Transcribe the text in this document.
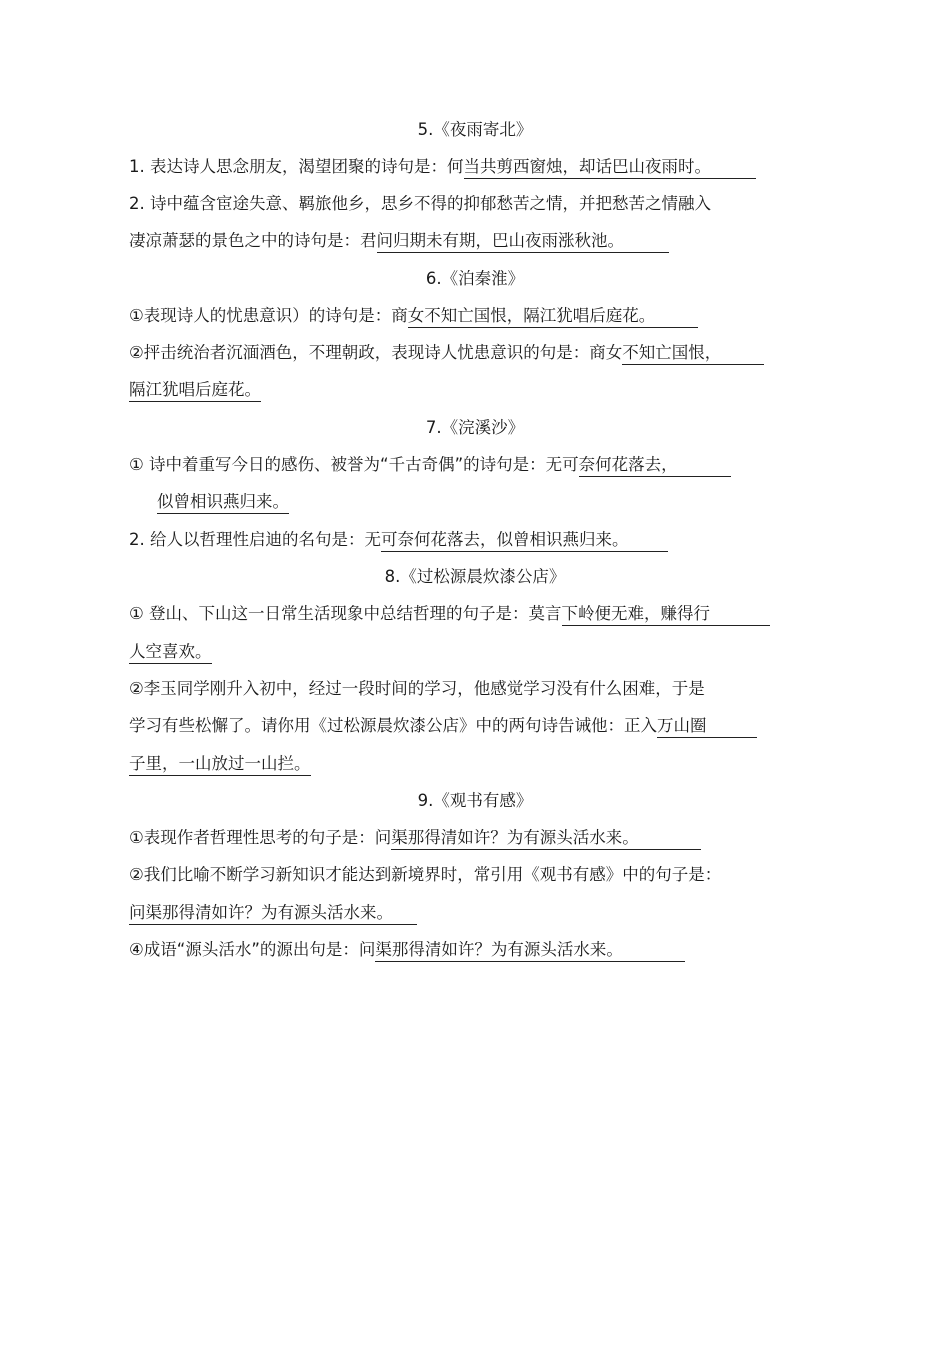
5.《夜雨寄北》
1. 表达诗人思念朋友，渴望团聚的诗句是：何当共剪西窗烛，却话巴山夜雨时。
2. 诗中蕴含宦途失意、羁旅他乡，思乡不得的抑郁愁苦之情，并把愁苦之情融入
凄凉萧瑟的景色之中的诗句是：君问归期未有期，巴山夜雨涨秋池。
6.《泊秦淮》
①表现诗人的忧患意识）的诗句是：商女不知亡国恨，隔江犹唱后庭花。
②抨击统治者沉湎酒色，不理朝政，表现诗人忧患意识的句是：商女不知亡国恨，
隔江犹唱后庭花。
7.《浣溪沙》
① 诗中着重写今日的感伤、被誉为“千古奇偶”的诗句是：无可奈何花落去，
似曾相识燕归来。
2. 给人以哲理性启迪的名句是：无可奈何花落去，似曾相识燕归来。
8.《过松源晨炊漆公店》
① 登山、下山这一日常生活现象中总结哲理的句子是：莫言下岭便无难，赚得行
人空喜欢。
②李玉同学刚升入初中，经过一段时间的学习，他感觉学习没有什么困难，于是
学习有些松懈了。请你用《过松源晨炊漆公店》中的两句诗告诫他：正入万山圈
子里，一山放过一山拦。
9.《观书有感》
①表现作者哲理性思考的句子是：问渠那得清如许？为有源头活水来。
②我们比喻不断学习新知识才能达到新境界时，常引用《观书有感》中的句子是：
问渠那得清如许？为有源头活水来。
④成语“源头活水”的源出句是：问渠那得清如许？为有源头活水来。
